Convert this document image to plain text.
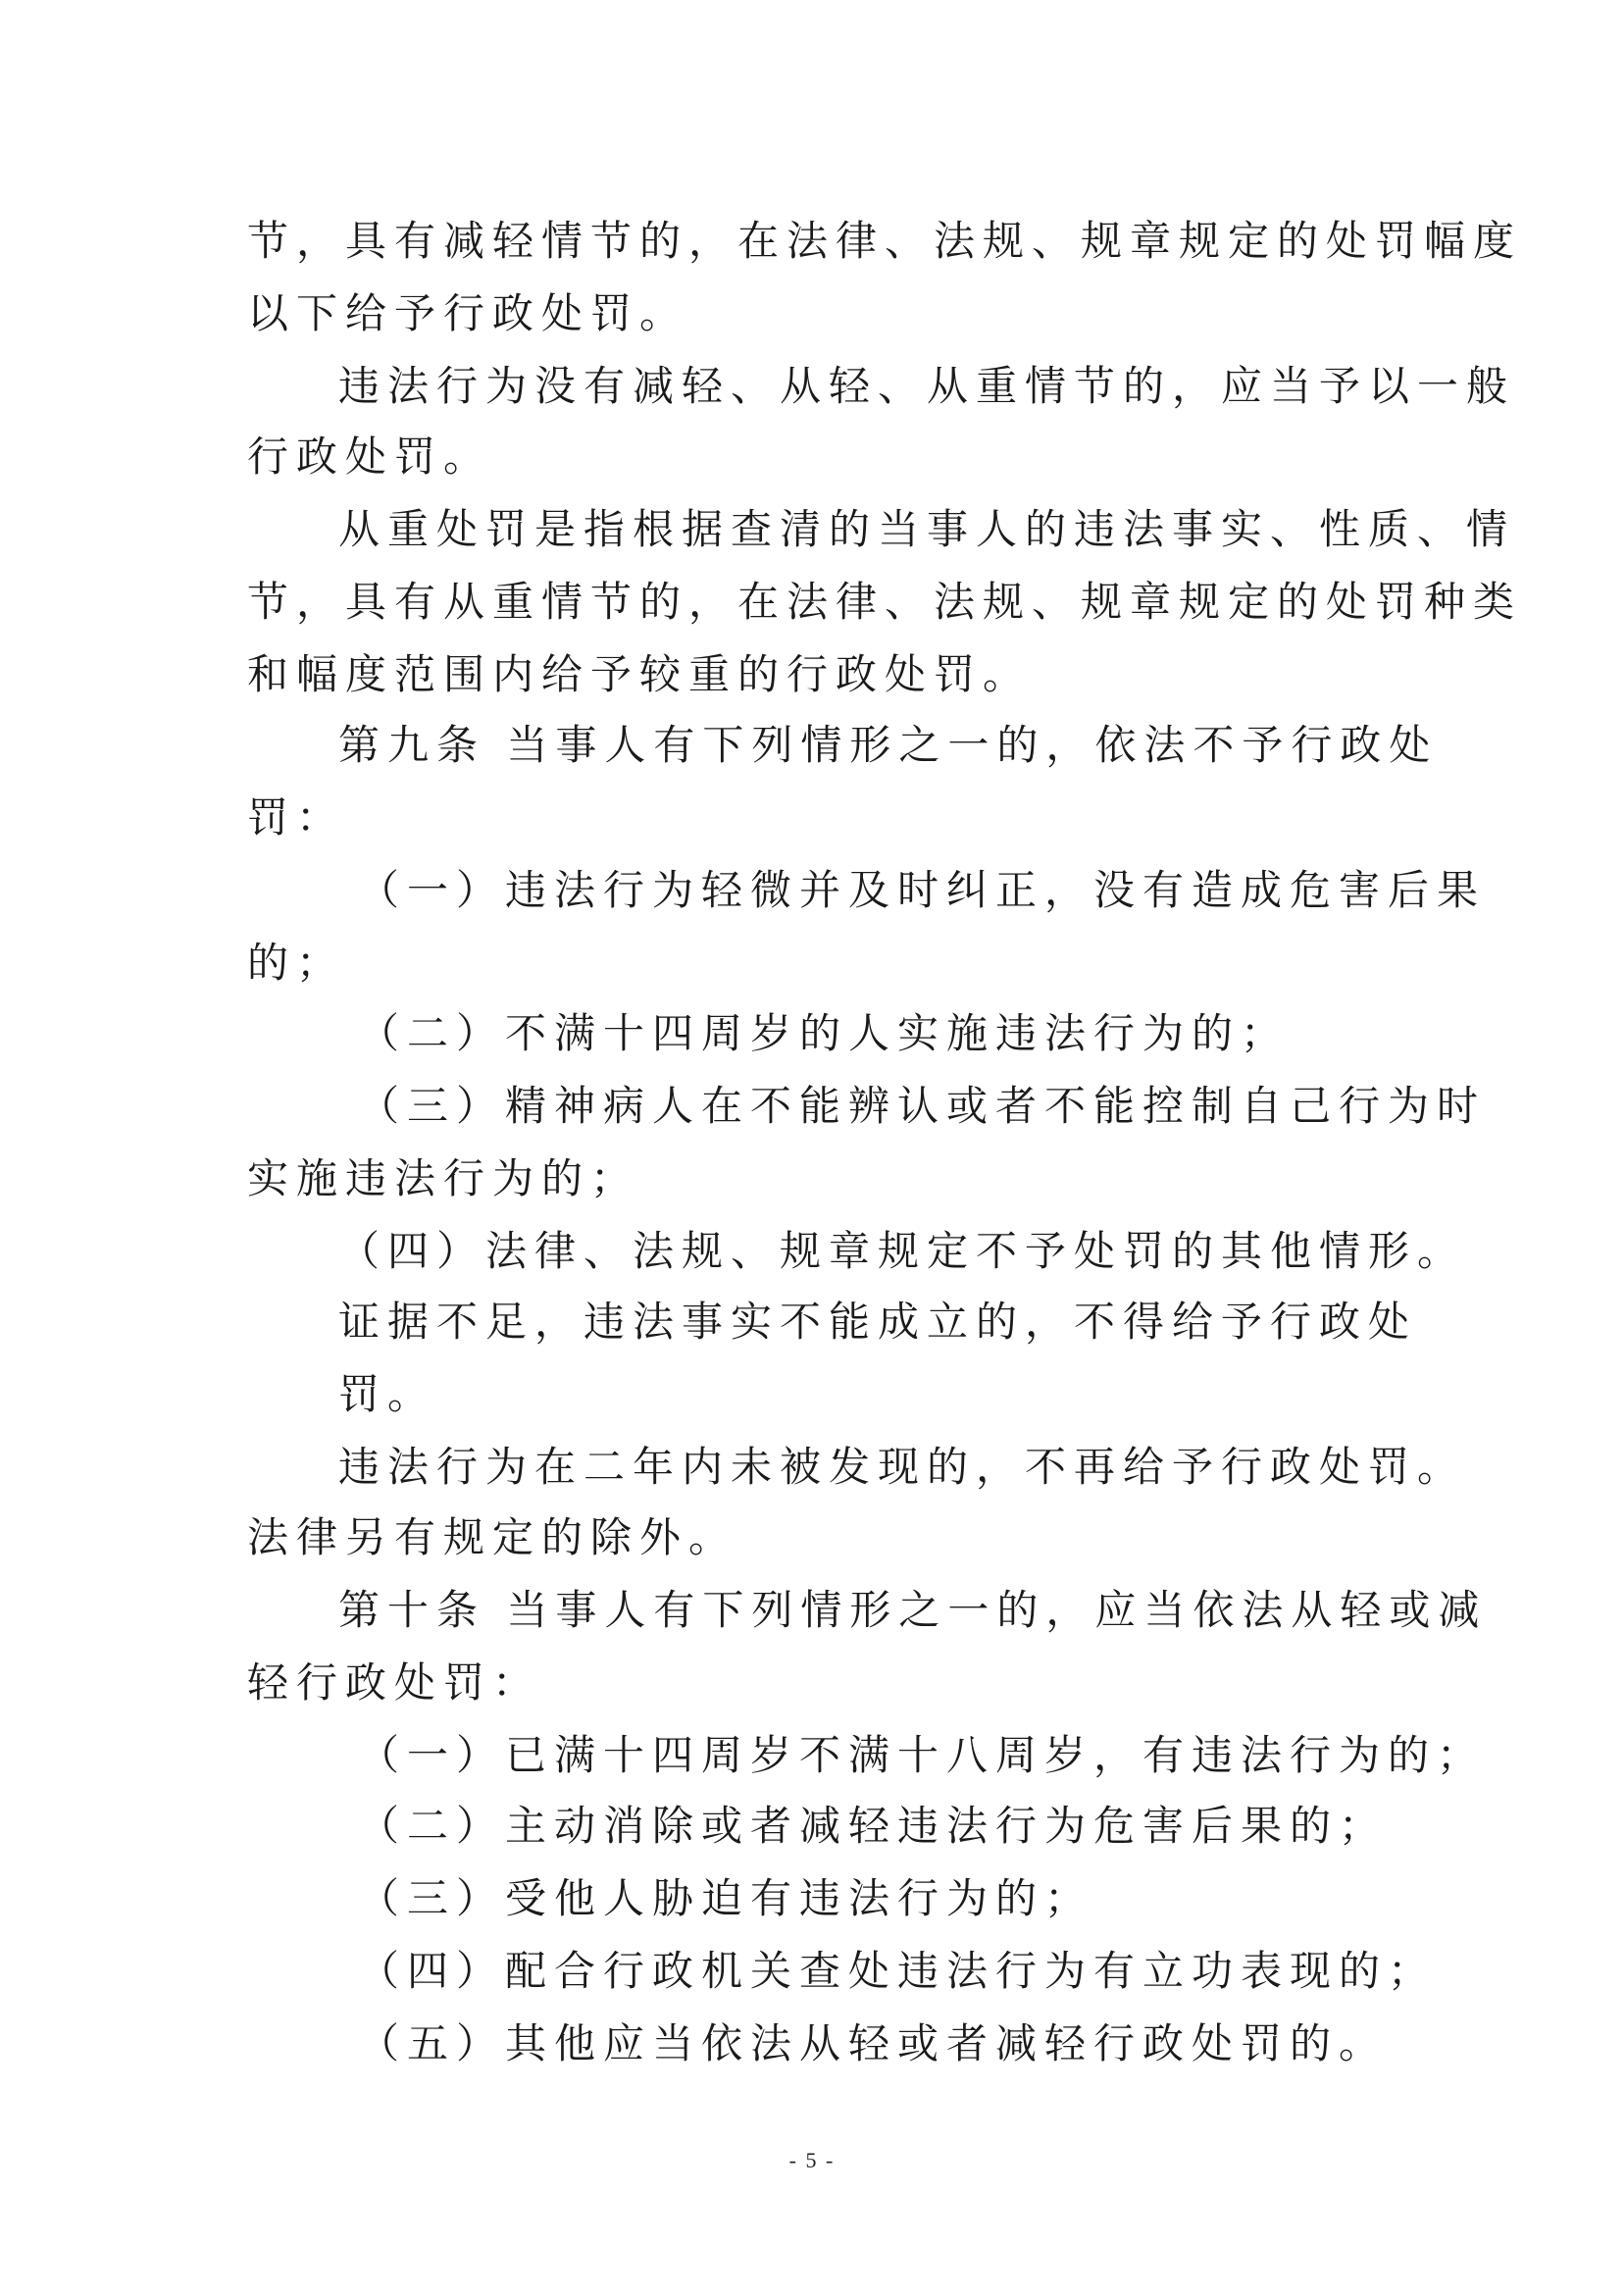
节，具有减轻情节的，在法律、法规、规章规定的处罚幅度
以下给予行政处罚。
违法行为没有减轻、从轻、从重情节的，应当予以一般
行政处罚。
从重处罚是指根据查清的当事人的违法事实、性质、情
节，具有从重情节的，在法律、法规、规章规定的处罚种类
和幅度范围内给予较重的行政处罚。
第九条 当事人有下列情形之一的，依法不予行政处
罚：
（一）违法行为轻微并及时纠正，没有造成危害后果
的；
（二）不满十四周岁的人实施违法行为的；
（三）精神病人在不能辨认或者不能控制自己行为时
实施违法行为的；
（四）法律、法规、规章规定不予处罚的其他情形。
证据不足，违法事实不能成立的，不得给予行政处
罚。
违法行为在二年内未被发现的，不再给予行政处罚。
法律另有规定的除外。
第十条 当事人有下列情形之一的，应当依法从轻或减
轻行政处罚：
（一）已满十四周岁不满十八周岁，有违法行为的；
（二）主动消除或者减轻违法行为危害后果的；
（三）受他人胁迫有违法行为的；
（四）配合行政机关查处违法行为有立功表现的；
（五）其他应当依法从轻或者减轻行政处罚的。
- 5 -
